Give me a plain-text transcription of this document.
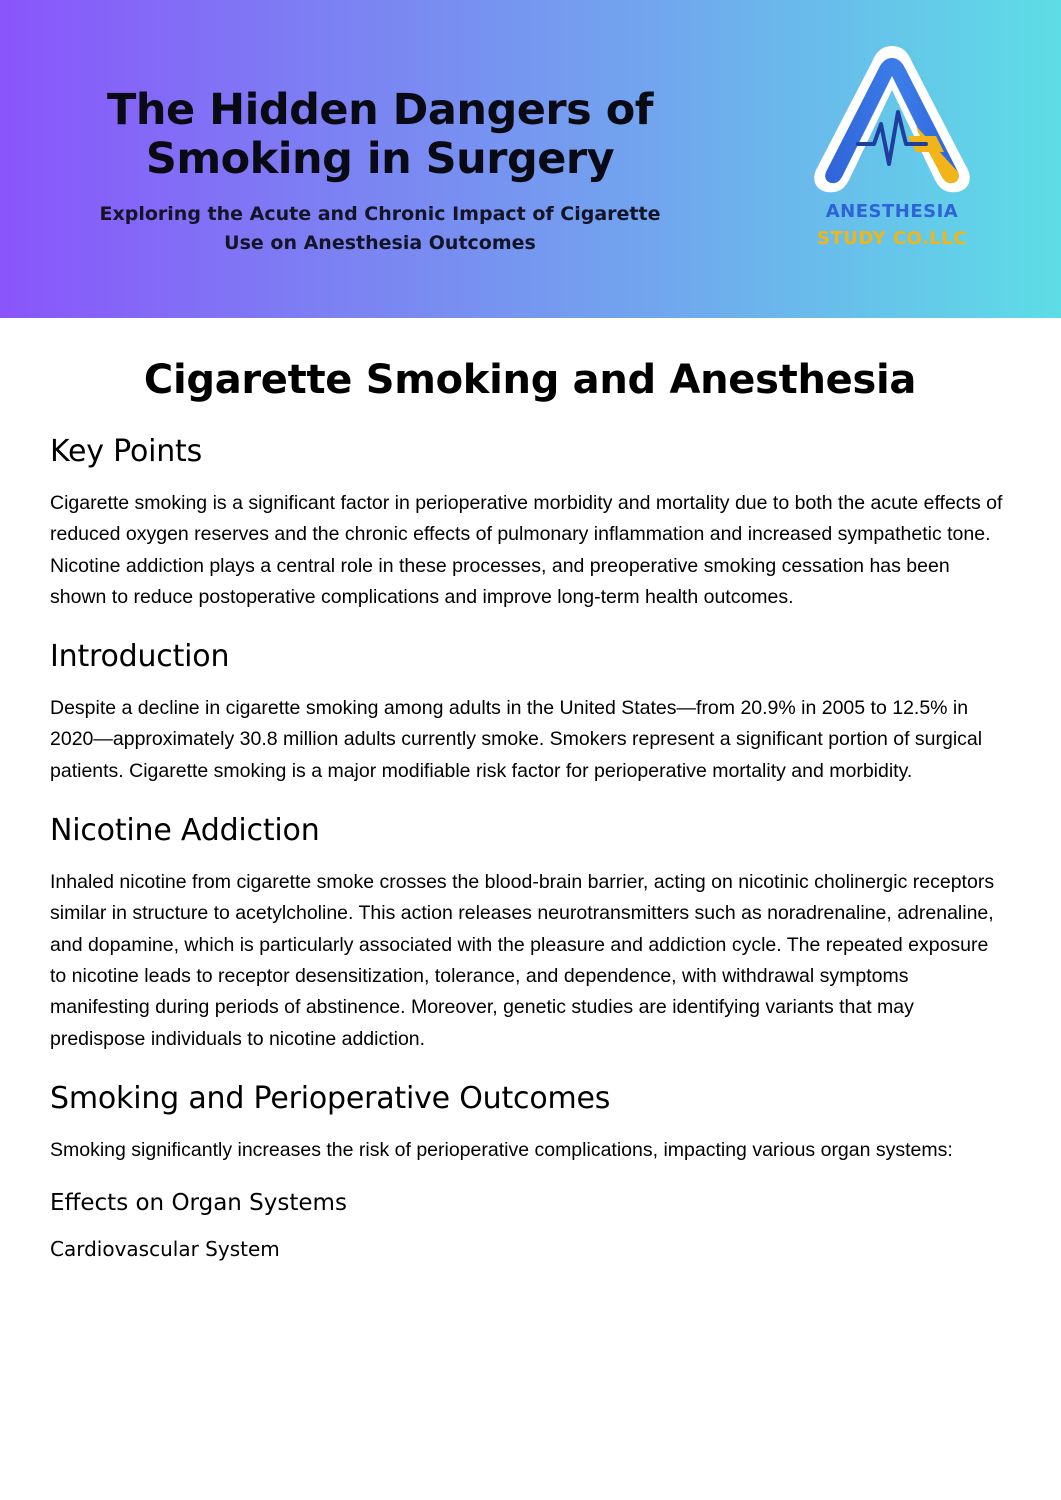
The Hidden Dangers of Smoking in Surgery
Exploring the Acute and Chronic Impact of Cigarette Use on Anesthesia Outcomes
ANESTHESIA
STUDY CO.LLC
Cigarette Smoking and Anesthesia
Key Points

Cigarette smoking is a significant factor in perioperative morbidity and mortality due to both the acute effects of reduced oxygen reserves and the chronic effects of pulmonary inflammation and increased sympathetic tone. Nicotine addiction plays a central role in these processes, and preoperative smoking cessation has been shown to reduce postoperative complications and improve long-term health outcomes.

Introduction

Despite a decline in cigarette smoking among adults in the United States—from 20.9% in 2005 to 12.5% in 2020—approximately 30.8 million adults currently smoke. Smokers represent a significant portion of surgical patients. Cigarette smoking is a major modifiable risk factor for perioperative mortality and morbidity.

Nicotine Addiction

Inhaled nicotine from cigarette smoke crosses the blood-brain barrier, acting on nicotinic cholinergic receptors similar in structure to acetylcholine. This action releases neurotransmitters such as noradrenaline, adrenaline, and dopamine, which is particularly associated with the pleasure and addiction cycle. The repeated exposure to nicotine leads to receptor desensitization, tolerance, and dependence, with withdrawal symptoms manifesting during periods of abstinence. Moreover, genetic studies are identifying variants that may predispose individuals to nicotine addiction.

Smoking and Perioperative Outcomes

Smoking significantly increases the risk of perioperative complications, impacting various organ systems:

Effects on Organ Systems
Cardiovascular System
